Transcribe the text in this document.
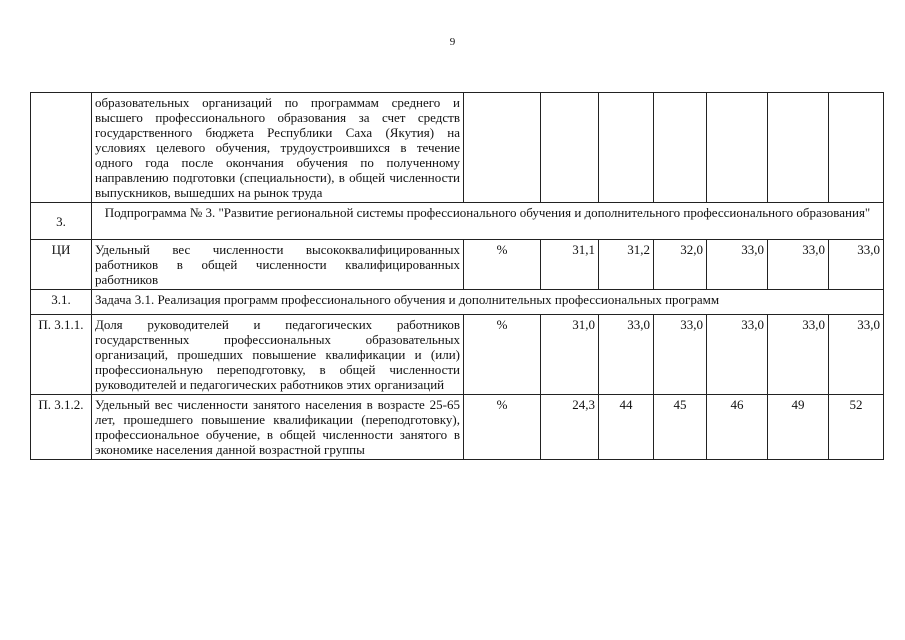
9
	образовательных организаций по программам среднего и высшего профессионального образования за счет средств государственного бюджета Республики Саха (Якутия) на условиях целевого обучения, трудоустроившихся в течение одного года после окончания обучения по полученному направлению подготовки (специальности), в общей численности выпускников, вышедших на рынок труда							
3.	Подпрограмма № 3. "Развитие региональной системы профессионального обучения и дополнительного профессионального образования"							
ЦИ	Удельный вес численности высококвалифицированных работников в общей численности квалифицированных работников	%	31,1	31,2	32,0	33,0	33,0	33,0
3.1.	Задача 3.1. Реализация программ профессионального обучения и дополнительных профессиональных программ							
П. 3.1.1.	Доля руководителей и педагогических работников государственных профессиональных образовательных организаций, прошедших повышение квалификации и (или) профессиональную переподготовку, в общей численности руководителей и педагогических работников этих организаций	%	31,0	33,0	33,0	33,0	33,0	33,0
П. 3.1.2.	Удельный вес численности занятого населения в возрасте 25-65 лет, прошедшего повышение квалификации (переподготовку), профессиональное обучение, в общей численности занятого в экономике населения данной возрастной группы	%	24,3	44	45	46	49	52
